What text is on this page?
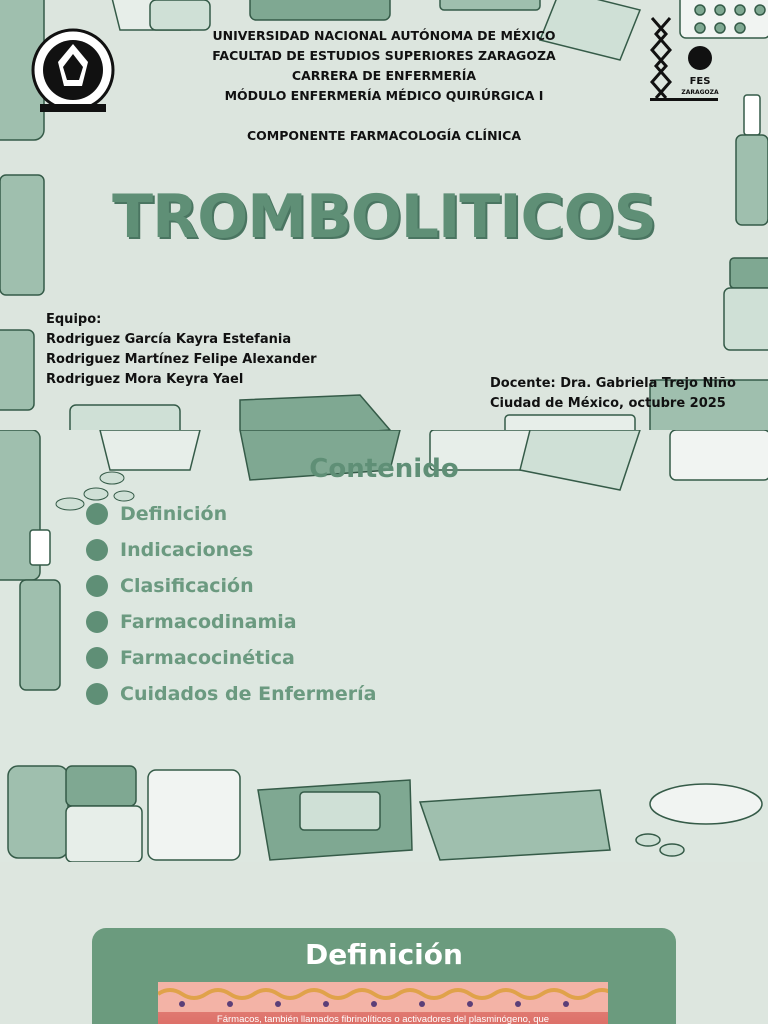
FES
ZARAGOZA
UNIVERSIDAD NACIONAL AUTÓNOMA DE MÉXICO
FACULTAD DE ESTUDIOS SUPERIORES ZARAGOZA
CARRERA DE ENFERMERÍA
MÓDULO ENFERMERÍA MÉDICO QUIRÚRGICA I
COMPONENTE FARMACOLOGÍA CLÍNICA
TROMBOLITICOS
Equipo:
Rodriguez García Kayra Estefania
Rodriguez Martínez Felipe Alexander
Rodriguez Mora Keyra Yael	Docente: Dra. Gabriela Trejo Niño
Ciudad de México, octubre 2025
Contenido
Definición
Indicaciones
Clasificación
Farmacodinamia
Farmacocinética
Cuidados de Enfermería
Definición
Fármacos, también llamados fibrinolíticos o activadores del plasminógeno, que
